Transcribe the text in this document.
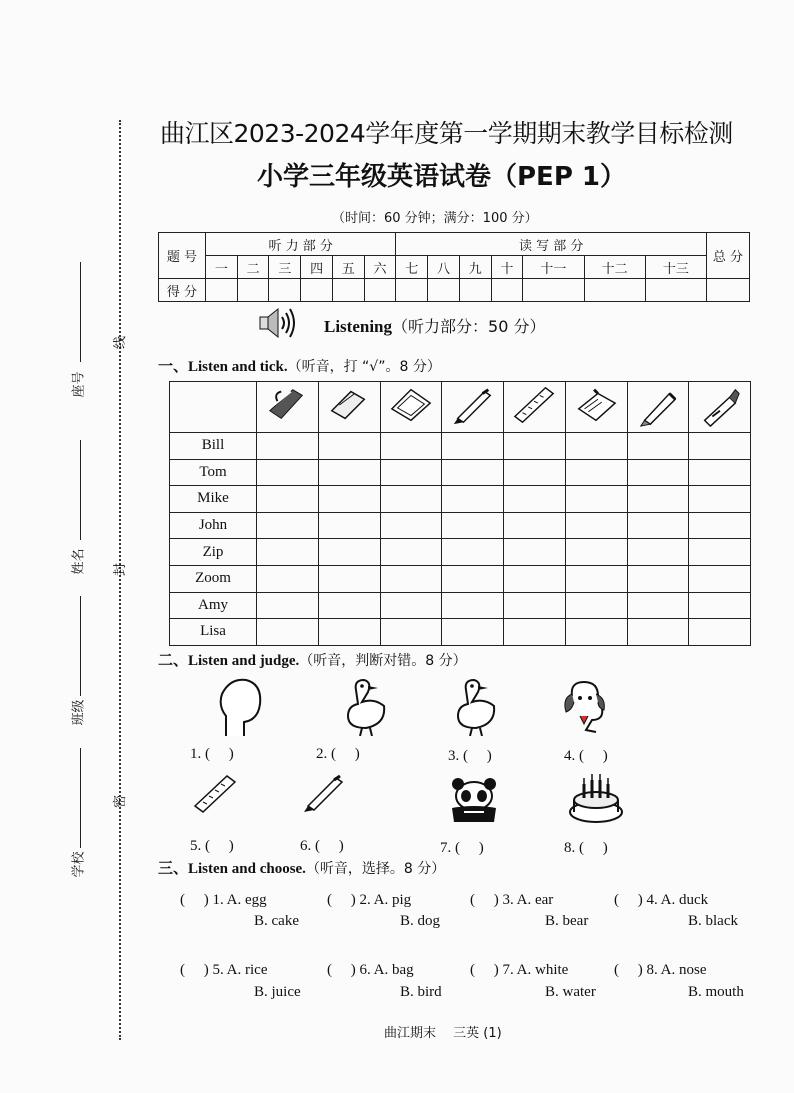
线
封
密
座号
姓名
班级
学校
曲江区2023-2024学年度第一学期期末教学目标检测
小学三年级英语试卷（PEP 1）
（时间：60 分钟；满分：100 分）
题 号	听 力 部 分						读 写 部 分							总 分
	一	二	三	四	五	六	七	八	九	十	十一	十二	十三	
得 分														
Listening（听力部分：50 分）
一、Listen and tick.（听音，打 “√”。8 分）

Bill								
Tom								
Mike								
John								
Zip								
Zoom								
Amy								
Lisa								
二、Listen and judge.（听音，判断对错。8 分）
1. (　 )	2. (　 )	3. (　 )	4. (　 )
5. (　 )	6. (　 )	7. (　 )	8. (　 )
三、Listen and choose.（听音，选择。8 分）
(　 ) 1. A. egg
B. cake
(　 ) 2. A. pig
B. dog
(　 ) 3. A. ear
B. bear
(　 ) 4. A. duck
B. black
(　 ) 5. A. rice
B. juice
(　 ) 6. A. bag
B. bird
(　 ) 7. A. white
B. water
(　 ) 8. A. nose
B. mouth
曲江期末　 三英 (1)
